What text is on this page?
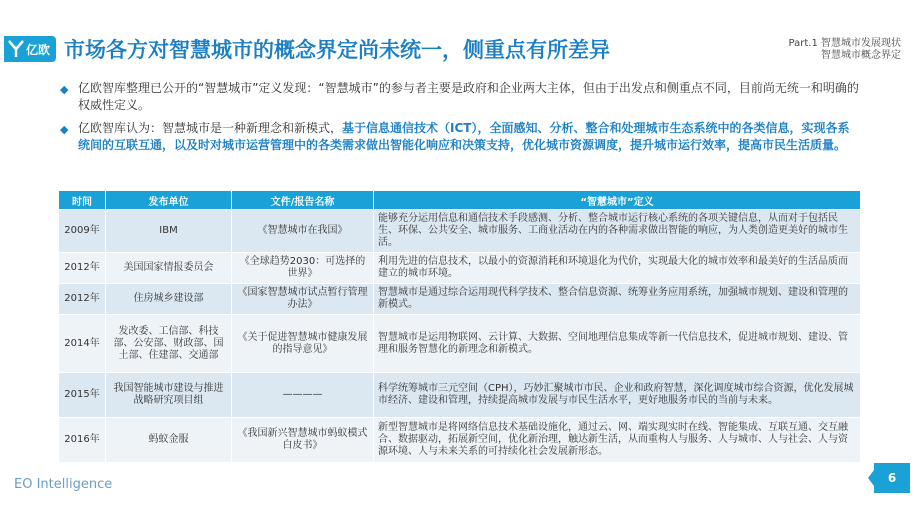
亿欧 市场各方对智慧城市的概念界定尚未统一，侧重点有所差异	Part.1 智慧城市发展现状
智慧城市概念界定
◆ 亿欧智库整理已公开的“智慧城市”定义发现：“智慧城市”的参与者主要是政府和企业两大主体，但由于出发点和侧重点不同，目前尚无统一和明确的权威性定义。
◆ 亿欧智库认为：智慧城市是一种新理念和新模式，基于信息通信技术（ICT），全面感知、分析、整合和处理城市生态系统中的各类信息，实现各系统间的互联互通，以及时对城市运营管理中的各类需求做出智能化响应和决策支持，优化城市资源调度，提升城市运行效率，提高市民生活质量。
时间	发布单位	文件/报告名称	“智慧城市”定义
2009年	IBM	《智慧城市在我国》	能够充分运用信息和通信技术手段感测、分析、整合城市运行核心系统的各项关键信息，从而对于包括民生、环保、公共安全、城市服务、工商业活动在内的各种需求做出智能的响应，为人类创造更美好的城市生活。
2012年	美国国家情报委员会	《全球趋势2030：可选择的世界》	利用先进的信息技术，以最小的资源消耗和环境退化为代价，实现最大化的城市效率和最美好的生活品质而建立的城市环境。
2012年	住房城乡建设部	《国家智慧城市试点暂行管理办法》	智慧城市是通过综合运用现代科学技术、整合信息资源、统筹业务应用系统，加强城市规划、建设和管理的新模式。
2014年	发改委、工信部、科技部、公安部、财政部、国土部、住建部、交通部	《关于促进智慧城市健康发展的指导意见》	智慧城市是运用物联网、云计算、大数据、空间地理信息集成等新一代信息技术，促进城市规划、建设、管理和服务智慧化的新理念和新模式。
2015年	我国智能城市建设与推进战略研究项目组	————	科学统筹城市三元空间（CPH），巧妙汇聚城市市民、企业和政府智慧，深化调度城市综合资源，优化发展城市经济、建设和管理，持续提高城市发展与市民生活水平，更好地服务市民的当前与未来。
2016年	蚂蚁金服	《我国新兴智慧城市蚂蚁模式白皮书》	新型智慧城市是将网络信息技术基础设施化，通过云、网、端实现实时在线、智能集成、互联互通、交互融合、数据驱动，拓展新空间，优化新治理，触达新生活，从而重构人与服务、人与城市、人与社会、人与资源环境、人与未来关系的可持续化社会发展新形态。
EO Intelligence	6
